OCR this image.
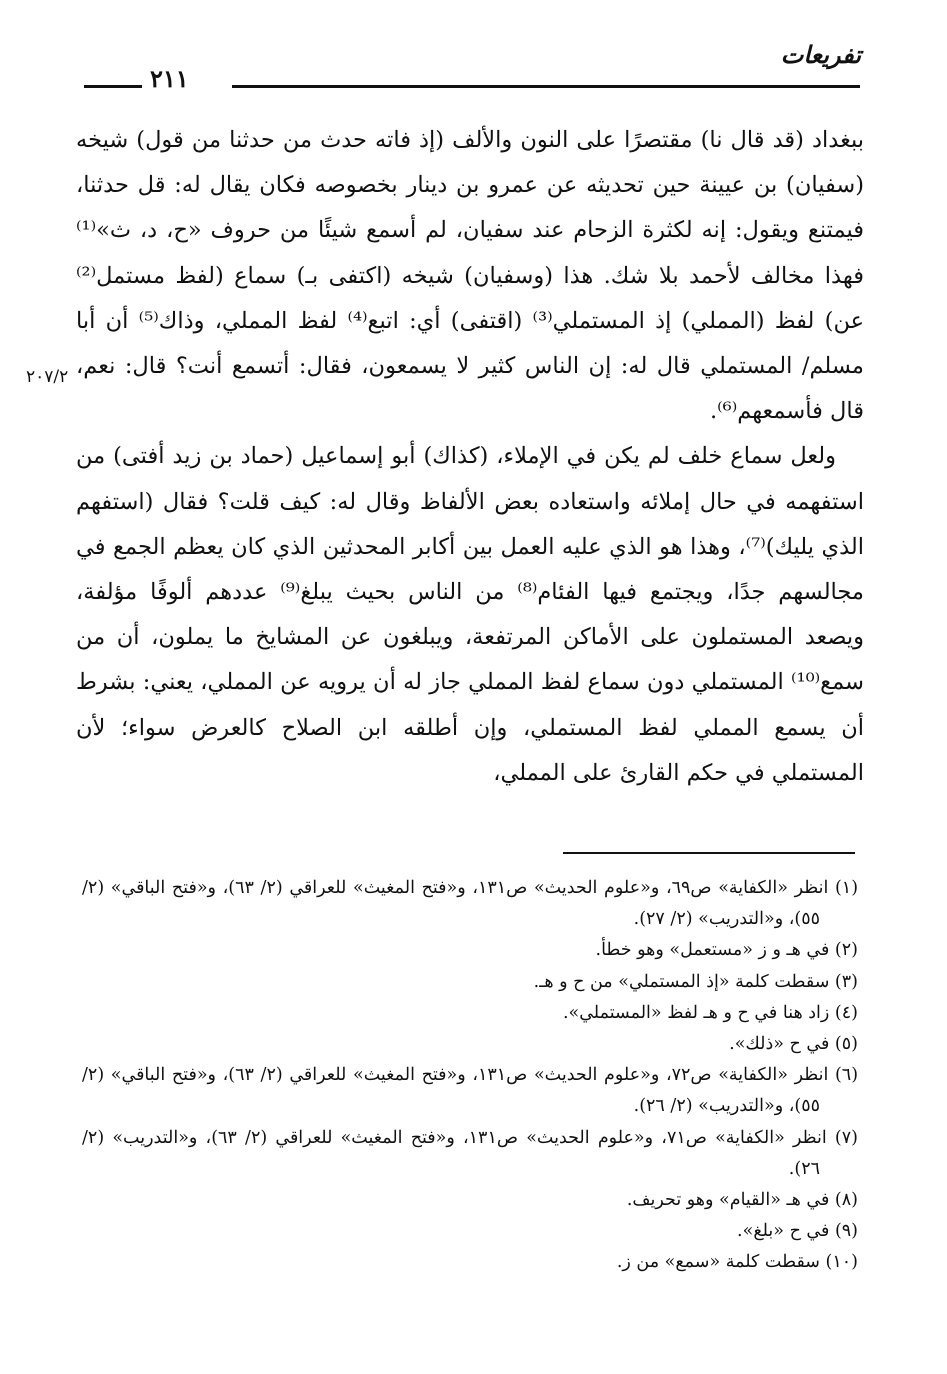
تفريعات
٢١١
٢٠٧/٢

ببغداد (قد قال نا) مقتصرًا على النون والألف (إذ فاته حدث من حدثنا من قول) شيخه (سفيان) بن عيينة حين تحديثه عن عمرو بن دينار بخصوصه فكان يقال له: قل حدثنا، فيمتنع ويقول: إنه لكثرة الزحام عند سفيان، لم أسمع شيئًا من حروف «ح، د، ث»⁽¹⁾ فهذا مخالف لأحمد بلا شك. هذا (وسفيان) شيخه (اكتفى بـ) سماع (لفظ مستمل⁽²⁾ عن) لفظ (المملي) إذ المستملي⁽³⁾ (اقتفى) أي: اتبع⁽⁴⁾ لفظ المملي، وذاك⁽⁵⁾ أن أبا مسلم/ المستملي قال له: إن الناس كثير لا يسمعون، فقال: أتسمع أنت؟ قال: نعم، قال فأسمعهم⁽⁶⁾.

ولعل سماع خلف لم يكن في الإملاء، (كذاك) أبو إسماعيل (حماد بن زيد أفتى) من استفهمه في حال إملائه واستعاده بعض الألفاظ وقال له: كيف قلت؟ فقال (استفهم الذي يليك)⁽⁷⁾، وهذا هو الذي عليه العمل بين أكابر المحدثين الذي كان يعظم الجمع في مجالسهم جدًا، ويجتمع فيها الفئام⁽⁸⁾ من الناس بحيث يبلغ⁽⁹⁾ عددهم ألوفًا مؤلفة، ويصعد المستملون على الأماكن المرتفعة، ويبلغون عن المشايخ ما يملون، أن من سمع⁽¹⁰⁾ المستملي دون سماع لفظ المملي جاز له أن يرويه عن المملي، يعني: بشرط أن يسمع المملي لفظ المستملي، وإن أطلقه ابن الصلاح كالعرض سواء؛ لأن المستملي في حكم القارئ على المملي،

(١) انظر «الكفاية» ص٦٩، و«علوم الحديث» ص١٣١، و«فتح المغيث» للعراقي (٢/ ٦٣)، و«فتح الباقي» (٢/ ٥٥)، و«التدريب» (٢/ ٢٧).

(٢) في هـ و ز «مستعمل» وهو خطأ.

(٣) سقطت كلمة «إذ المستملي» من ح و هـ.

(٤) زاد هنا في ح و هـ لفظ «المستملي».

(٥) في ح «ذلك».

(٦) انظر «الكفاية» ص٧٢، و«علوم الحديث» ص١٣١، و«فتح المغيث» للعراقي (٢/ ٦٣)، و«فتح الباقي» (٢/ ٥٥)، و«التدريب» (٢/ ٢٦).

(٧) انظر «الكفاية» ص٧١، و«علوم الحديث» ص١٣١، و«فتح المغيث» للعراقي (٢/ ٦٣)، و«التدريب» (٢/ ٢٦).

(٨) في هـ «القيام» وهو تحريف.

(٩) في ح «بلغ».

(١٠) سقطت كلمة «سمع» من ز.
